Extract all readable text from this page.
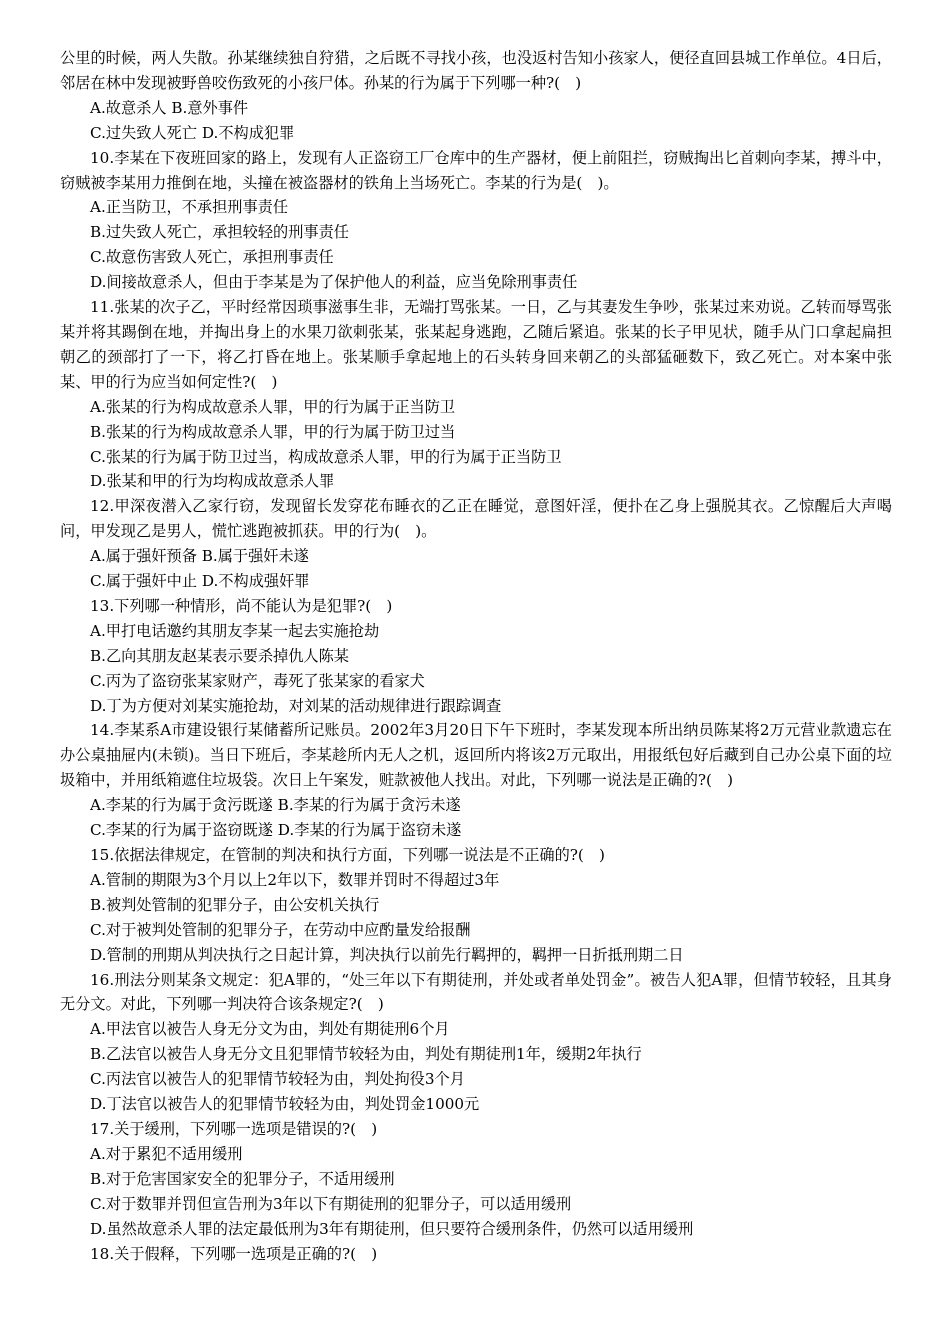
公里的时候，两人失散。孙某继续独自狩猎，之后既不寻找小孩，也没返村告知小孩家人，便径直回县城工作单位。4日后，邻居在林中发现被野兽咬伤致死的小孩尸体。孙某的行为属于下列哪一种?(　)

A.故意杀人 B.意外事件

C.过失致人死亡 D.不构成犯罪

10.李某在下夜班回家的路上，发现有人正盗窃工厂仓库中的生产器材，便上前阻拦，窃贼掏出匕首刺向李某，搏斗中，窃贼被李某用力推倒在地，头撞在被盗器材的铁角上当场死亡。李某的行为是(　)。

A.正当防卫，不承担刑事责任

B.过失致人死亡，承担较轻的刑事责任

C.故意伤害致人死亡，承担刑事责任

D.间接故意杀人，但由于李某是为了保护他人的利益，应当免除刑事责任

11.张某的次子乙，平时经常因琐事滋事生非，无端打骂张某。一日，乙与其妻发生争吵，张某过来劝说。乙转而辱骂张某并将其踢倒在地，并掏出身上的水果刀欲刺张某，张某起身逃跑，乙随后紧追。张某的长子甲见状，随手从门口拿起扁担朝乙的颈部打了一下，将乙打昏在地上。张某顺手拿起地上的石头转身回来朝乙的头部猛砸数下，致乙死亡。对本案中张某、甲的行为应当如何定性?(　)

A.张某的行为构成故意杀人罪，甲的行为属于正当防卫

B.张某的行为构成故意杀人罪，甲的行为属于防卫过当

C.张某的行为属于防卫过当，构成故意杀人罪，甲的行为属于正当防卫

D.张某和甲的行为均构成故意杀人罪

12.甲深夜潜入乙家行窃，发现留长发穿花布睡衣的乙正在睡觉，意图奸淫，便扑在乙身上强脱其衣。乙惊醒后大声喝问，甲发现乙是男人，慌忙逃跑被抓获。甲的行为(　)。

A.属于强奸预备 B.属于强奸未遂

C.属于强奸中止 D.不构成强奸罪

13.下列哪一种情形，尚不能认为是犯罪?(　)

A.甲打电话邀约其朋友李某一起去实施抢劫

B.乙向其朋友赵某表示要杀掉仇人陈某

C.丙为了盗窃张某家财产，毒死了张某家的看家犬

D.丁为方便对刘某实施抢劫，对刘某的活动规律进行跟踪调查

14.李某系A市建设银行某储蓄所记账员。2002年3月20日下午下班时，李某发现本所出纳员陈某将2万元营业款遗忘在办公桌抽屉内(未锁)。当日下班后，李某趁所内无人之机，返回所内将该2万元取出，用报纸包好后藏到自己办公桌下面的垃圾箱中，并用纸箱遮住垃圾袋。次日上午案发，赃款被他人找出。对此，下列哪一说法是正确的?(　)

A.李某的行为属于贪污既遂 B.李某的行为属于贪污未遂

C.李某的行为属于盗窃既遂 D.李某的行为属于盗窃未遂

15.依据法律规定，在管制的判决和执行方面，下列哪一说法是不正确的?(　)

A.管制的期限为3个月以上2年以下，数罪并罚时不得超过3年

B.被判处管制的犯罪分子，由公安机关执行

C.对于被判处管制的犯罪分子，在劳动中应酌量发给报酬

D.管制的刑期从判决执行之日起计算，判决执行以前先行羁押的，羁押一日折抵刑期二日

16.刑法分则某条文规定：犯A罪的，“处三年以下有期徒刑，并处或者单处罚金”。被告人犯A罪，但情节较轻，且其身无分文。对此，下列哪一判决符合该条规定?(　)

A.甲法官以被告人身无分文为由，判处有期徒刑6个月

B.乙法官以被告人身无分文且犯罪情节较轻为由，判处有期徒刑1年，缓期2年执行

C.丙法官以被告人的犯罪情节较轻为由，判处拘役3个月

D.丁法官以被告人的犯罪情节较轻为由，判处罚金1000元

17.关于缓刑，下列哪一选项是错误的?(　)

A.对于累犯不适用缓刑

B.对于危害国家安全的犯罪分子，不适用缓刑

C.对于数罪并罚但宣告刑为3年以下有期徒刑的犯罪分子，可以适用缓刑

D.虽然故意杀人罪的法定最低刑为3年有期徒刑，但只要符合缓刑条件，仍然可以适用缓刑

18.关于假释，下列哪一选项是正确的?(　)
